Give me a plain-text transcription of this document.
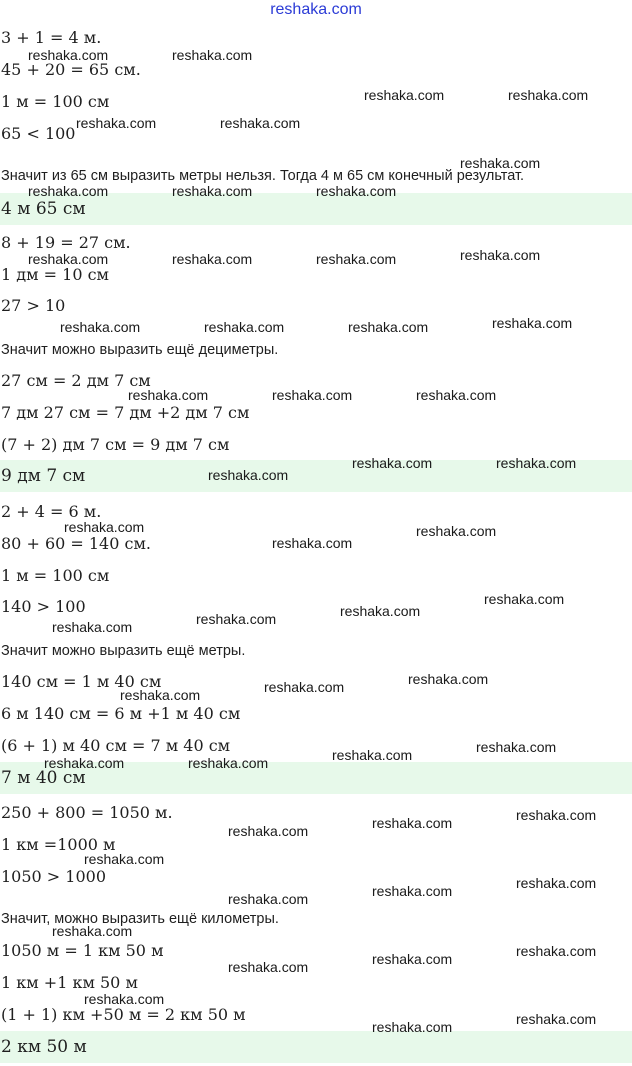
reshaka.com
3 + 1 = 4 м.
45 + 20 = 65 см.
1 м = 100 см
65 < 100
Значит из 65 см выразить метры нельзя. Тогда 4 м 65 см конечный результат.
4 м 65 см
8 + 19 = 27 см.
1 дм = 10 см
27 > 10
Значит можно выразить ещё дециметры.
27 см = 2 дм 7 см
7 дм 27 см = 7 дм +2 дм 7 см
(7 + 2) дм 7 см = 9 дм 7 см
9 дм 7 см
2 + 4 = 6 м.
80 + 60 = 140 см.
1 м = 100 см
140 > 100
Значит можно выразить ещё метры.
140 см = 1 м 40 см
6 м 140 см = 6 м +1 м 40 см
(6 + 1) м 40 см = 7 м 40 см
7 м 40 см
250 + 800 = 1050 м.
1 км =1000 м
1050 > 1000
Значит, можно выразить ещё километры.
1050 м = 1 км 50 м
1 км +1 км 50 м
(1 + 1) км +50 м = 2 км 50 м
2 км 50 м
reshaka.com	reshaka.com
reshaka.com	reshaka.com
reshaka.com	reshaka.com
reshaka.com
reshaka.com	reshaka.com	reshaka.com
reshaka.com	reshaka.com	reshaka.com	reshaka.com
reshaka.com	reshaka.com	reshaka.com	reshaka.com
reshaka.com	reshaka.com	reshaka.com
reshaka.com
reshaka.com	reshaka.com
reshaka.com
reshaka.com
reshaka.com
reshaka.com	reshaka.com	reshaka.com
reshaka.com
reshaka.com	reshaka.com	reshaka.com
reshaka.com	reshaka.com	reshaka.com	reshaka.com
reshaka.com	reshaka.com	reshaka.com
reshaka.com
reshaka.com	reshaka.com	reshaka.com
reshaka.com
reshaka.com	reshaka.com	reshaka.com
reshaka.com
reshaka.com	reshaka.com
